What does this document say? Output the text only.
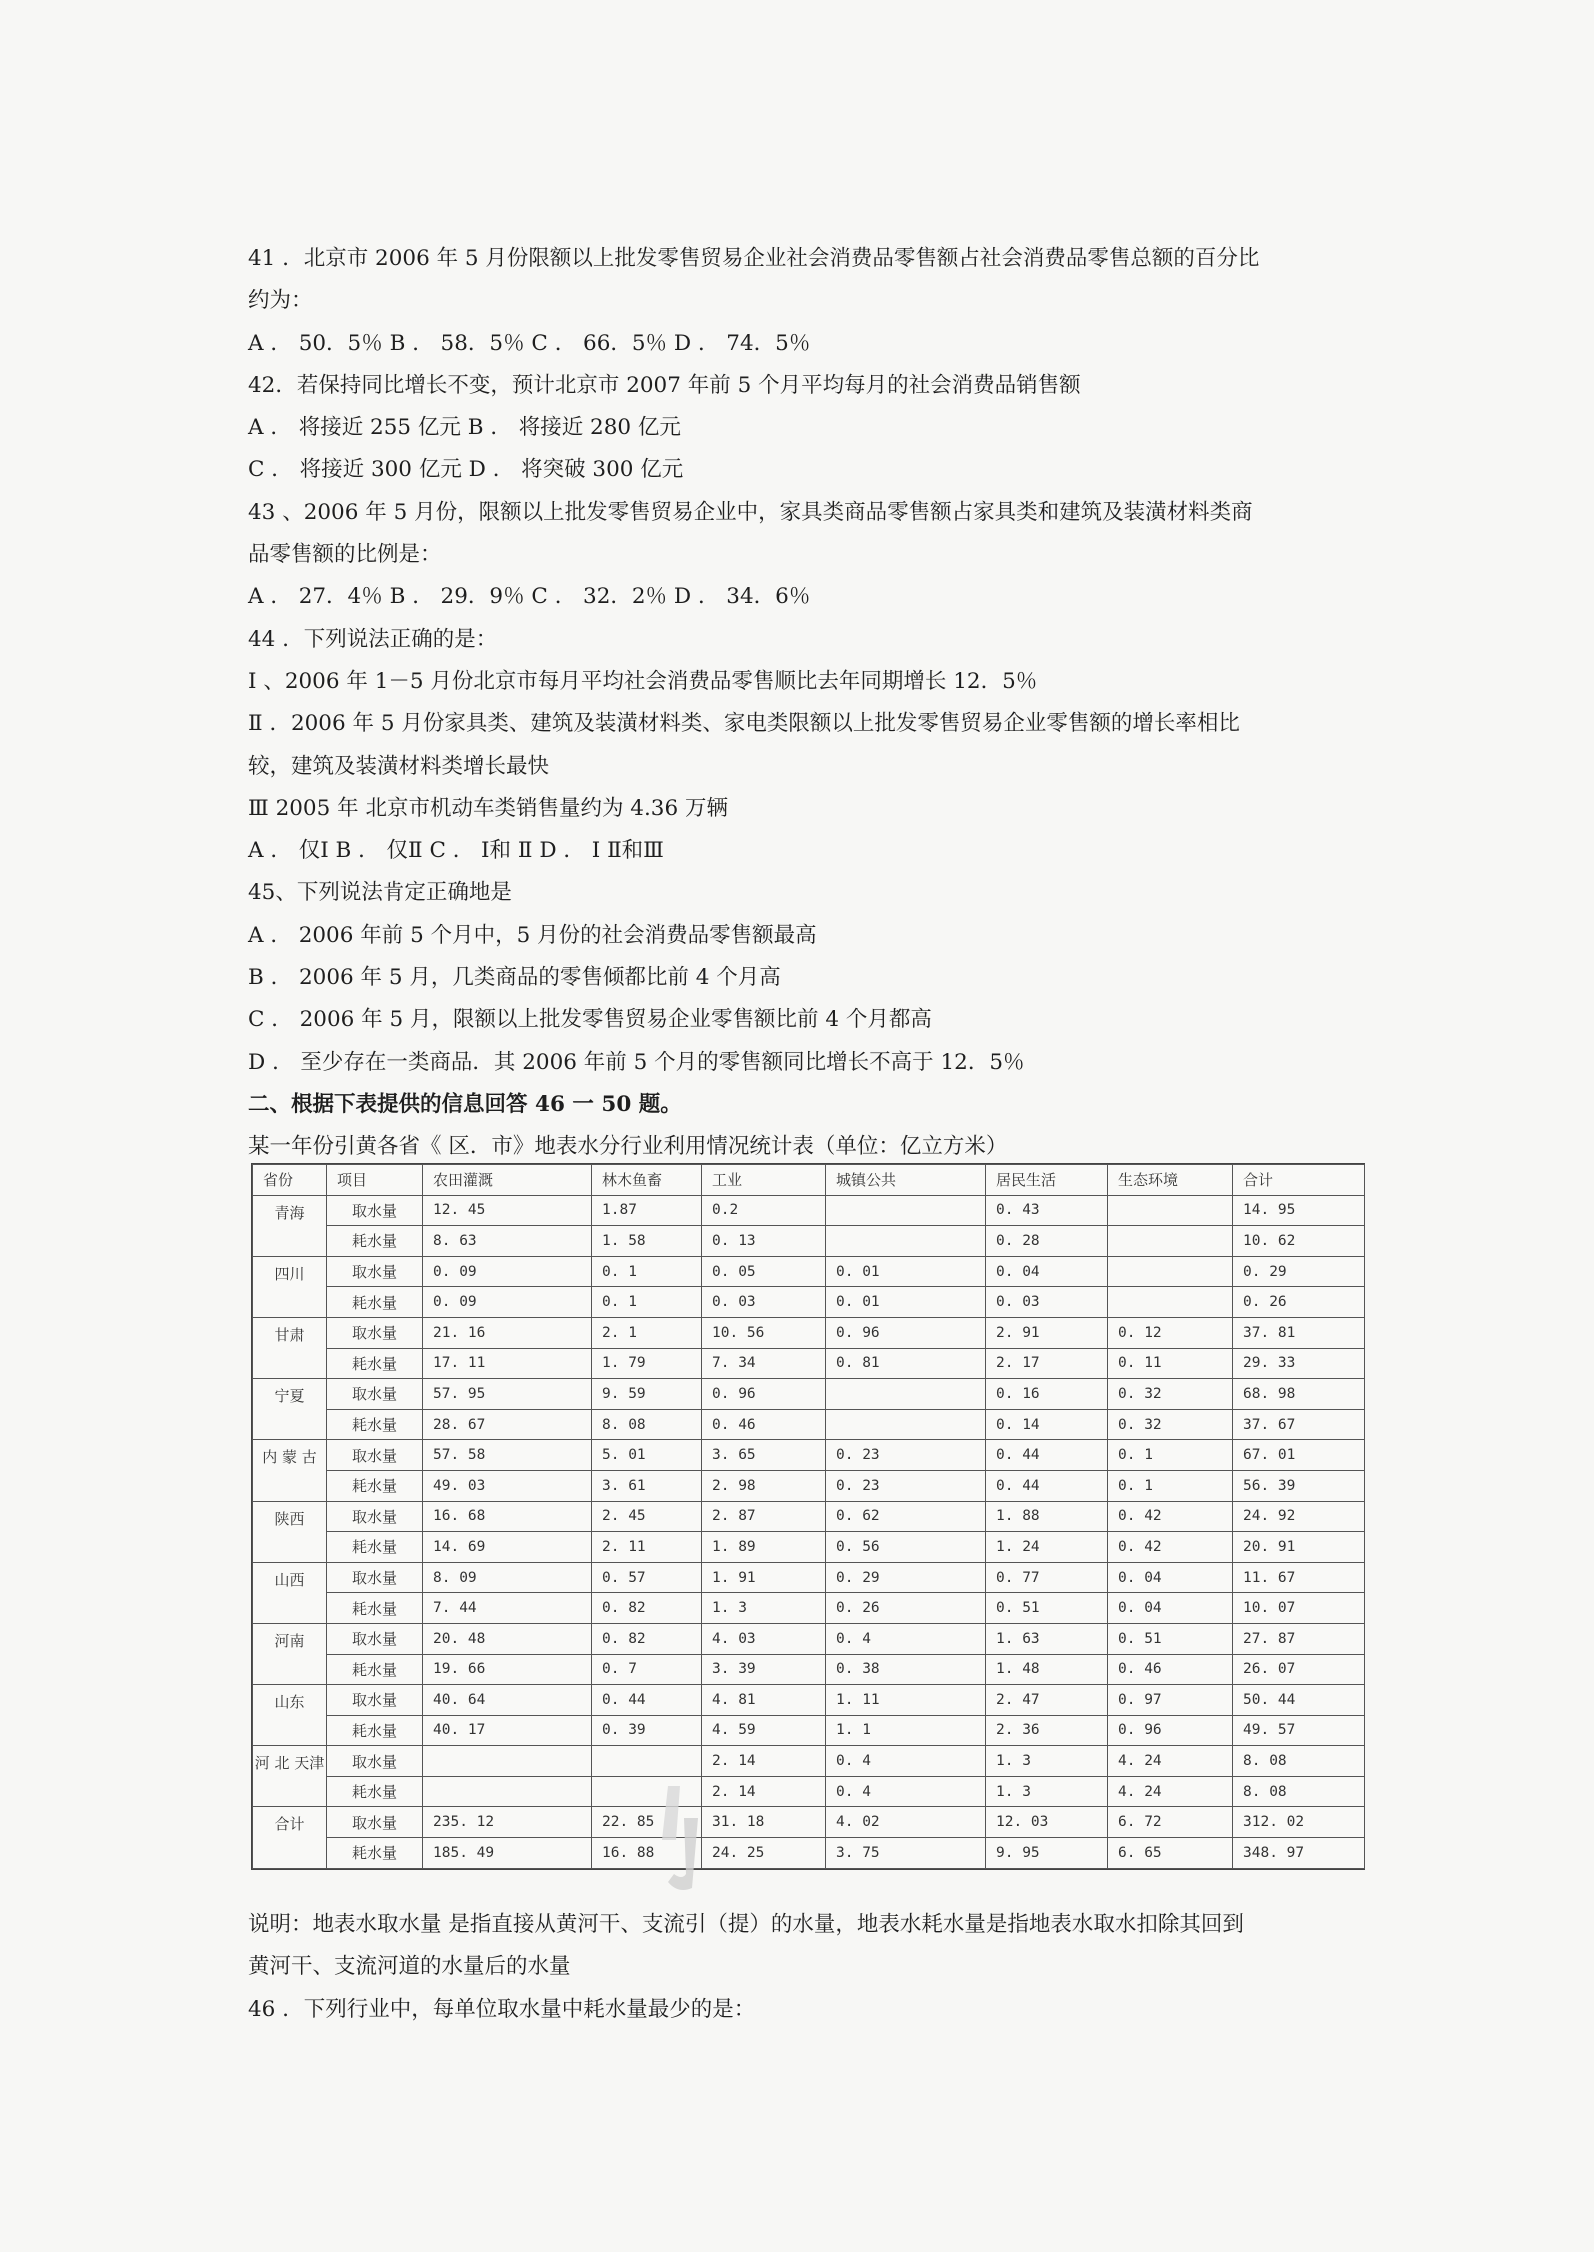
41 ．北京市 2006 年 5 月份限额以上批发零售贸易企业社会消费品零售额占社会消费品零售总额的百分比
约为：
A ． 50．5％ B ． 58．5％ C ． 66．5％ D ． 74．5％
42．若保持同比增长不变，预计北京市 2007 年前 5 个月平均每月的社会消费品销售额
A ． 将接近 255 亿元 B ． 将接近 280 亿元
C ． 将接近 300 亿元 D ． 将突破 300 亿元
43 、2006 年 5 月份，限额以上批发零售贸易企业中，家具类商品零售额占家具类和建筑及装潢材料类商
品零售额的比例是：
A ． 27．4％ B ． 29．9％ C ． 32．2％ D ． 34．6％
44 ．下列说法正确的是：
Ⅰ 、2006 年 1－5 月份北京市每月平均社会消费品零售顺比去年同期增长 12．5％
Ⅱ ．2006 年 5 月份家具类、建筑及装潢材料类、家电类限额以上批发零售贸易企业零售额的增长率相比
较，建筑及装潢材料类增长最快
Ⅲ 2005 年 北京市机动车类销售量约为 4.36 万辆
A ． 仅Ⅰ B ． 仅Ⅱ C ． Ⅰ和 Ⅱ D ． Ⅰ Ⅱ和Ⅲ
45、下列说法肯定正确地是
A ． 2006 年前 5 个月中，5 月份的社会消费品零售额最高
B ． 2006 年 5 月，几类商品的零售倾都比前 4 个月高
C ． 2006 年 5 月，限额以上批发零售贸易企业零售额比前 4 个月都高
D ． 至少存在一类商品．其 2006 年前 5 个月的零售额同比增长不高于 12．5％
二、根据下表提供的信息回答 46 一 50 题。
某一年份引黄各省《 区．市》地表水分行业利用情况统计表（单位：亿立方米）
省份	项目	农田灌溉	林木鱼畜	工业	城镇公共	居民生活	生态环境	合计
青海	取水量	12. 45	1.87	0.2		0. 43		14. 95
	耗水量	8. 63	1. 58	0. 13		0. 28		10. 62
四川	取水量	0. 09	0. 1	0. 05	0. 01	0. 04		0. 29
	耗水量	0. 09	0. 1	0. 03	0. 01	0. 03		0. 26
甘肃	取水量	21. 16	2. 1	10. 56	0. 96	2. 91	0. 12	37. 81
	耗水量	17. 11	1. 79	7. 34	0. 81	2. 17	0. 11	29. 33
宁夏	取水量	57. 95	9. 59	0. 96		0. 16	0. 32	68. 98
	耗水量	28. 67	8. 08	0. 46		0. 14	0. 32	37. 67
内 蒙 古	取水量	57. 58	5. 01	3. 65	0. 23	0. 44	0. 1	67. 01
	耗水量	49. 03	3. 61	2. 98	0. 23	0. 44	0. 1	56. 39
陕西	取水量	16. 68	2. 45	2. 87	0. 62	1. 88	0. 42	24. 92
	耗水量	14. 69	2. 11	1. 89	0. 56	1. 24	0. 42	20. 91
山西	取水量	8. 09	0. 57	1. 91	0. 29	0. 77	0. 04	11. 67
	耗水量	7. 44	0. 82	1. 3	0. 26	0. 51	0. 04	10. 07
河南	取水量	20. 48	0. 82	4. 03	0. 4	1. 63	0. 51	27. 87
	耗水量	19. 66	0. 7	3. 39	0. 38	1. 48	0. 46	26. 07
山东	取水量	40. 64	0. 44	4. 81	1. 11	2. 47	0. 97	50. 44
	耗水量	40. 17	0. 39	4. 59	1. 1	2. 36	0. 96	49. 57
河 北 天津	取水量			2. 14	0. 4	1. 3	4. 24	8. 08
	耗水量			2. 14	0. 4	1. 3	4. 24	8. 08
合计	取水量	235. 12	22. 85	31. 18	4. 02	12. 03	6. 72	312. 02
	耗水量	185. 49	16. 88	24. 25	3. 75	9. 95	6. 65	348. 97
说明：地表水取水量 是指直接从黄河干、支流引（提）的水量，地表水耗水量是指地表水取水扣除其回到
黄河干、支流河道的水量后的水量
46 ．下列行业中，每单位取水量中耗水量最少的是：
